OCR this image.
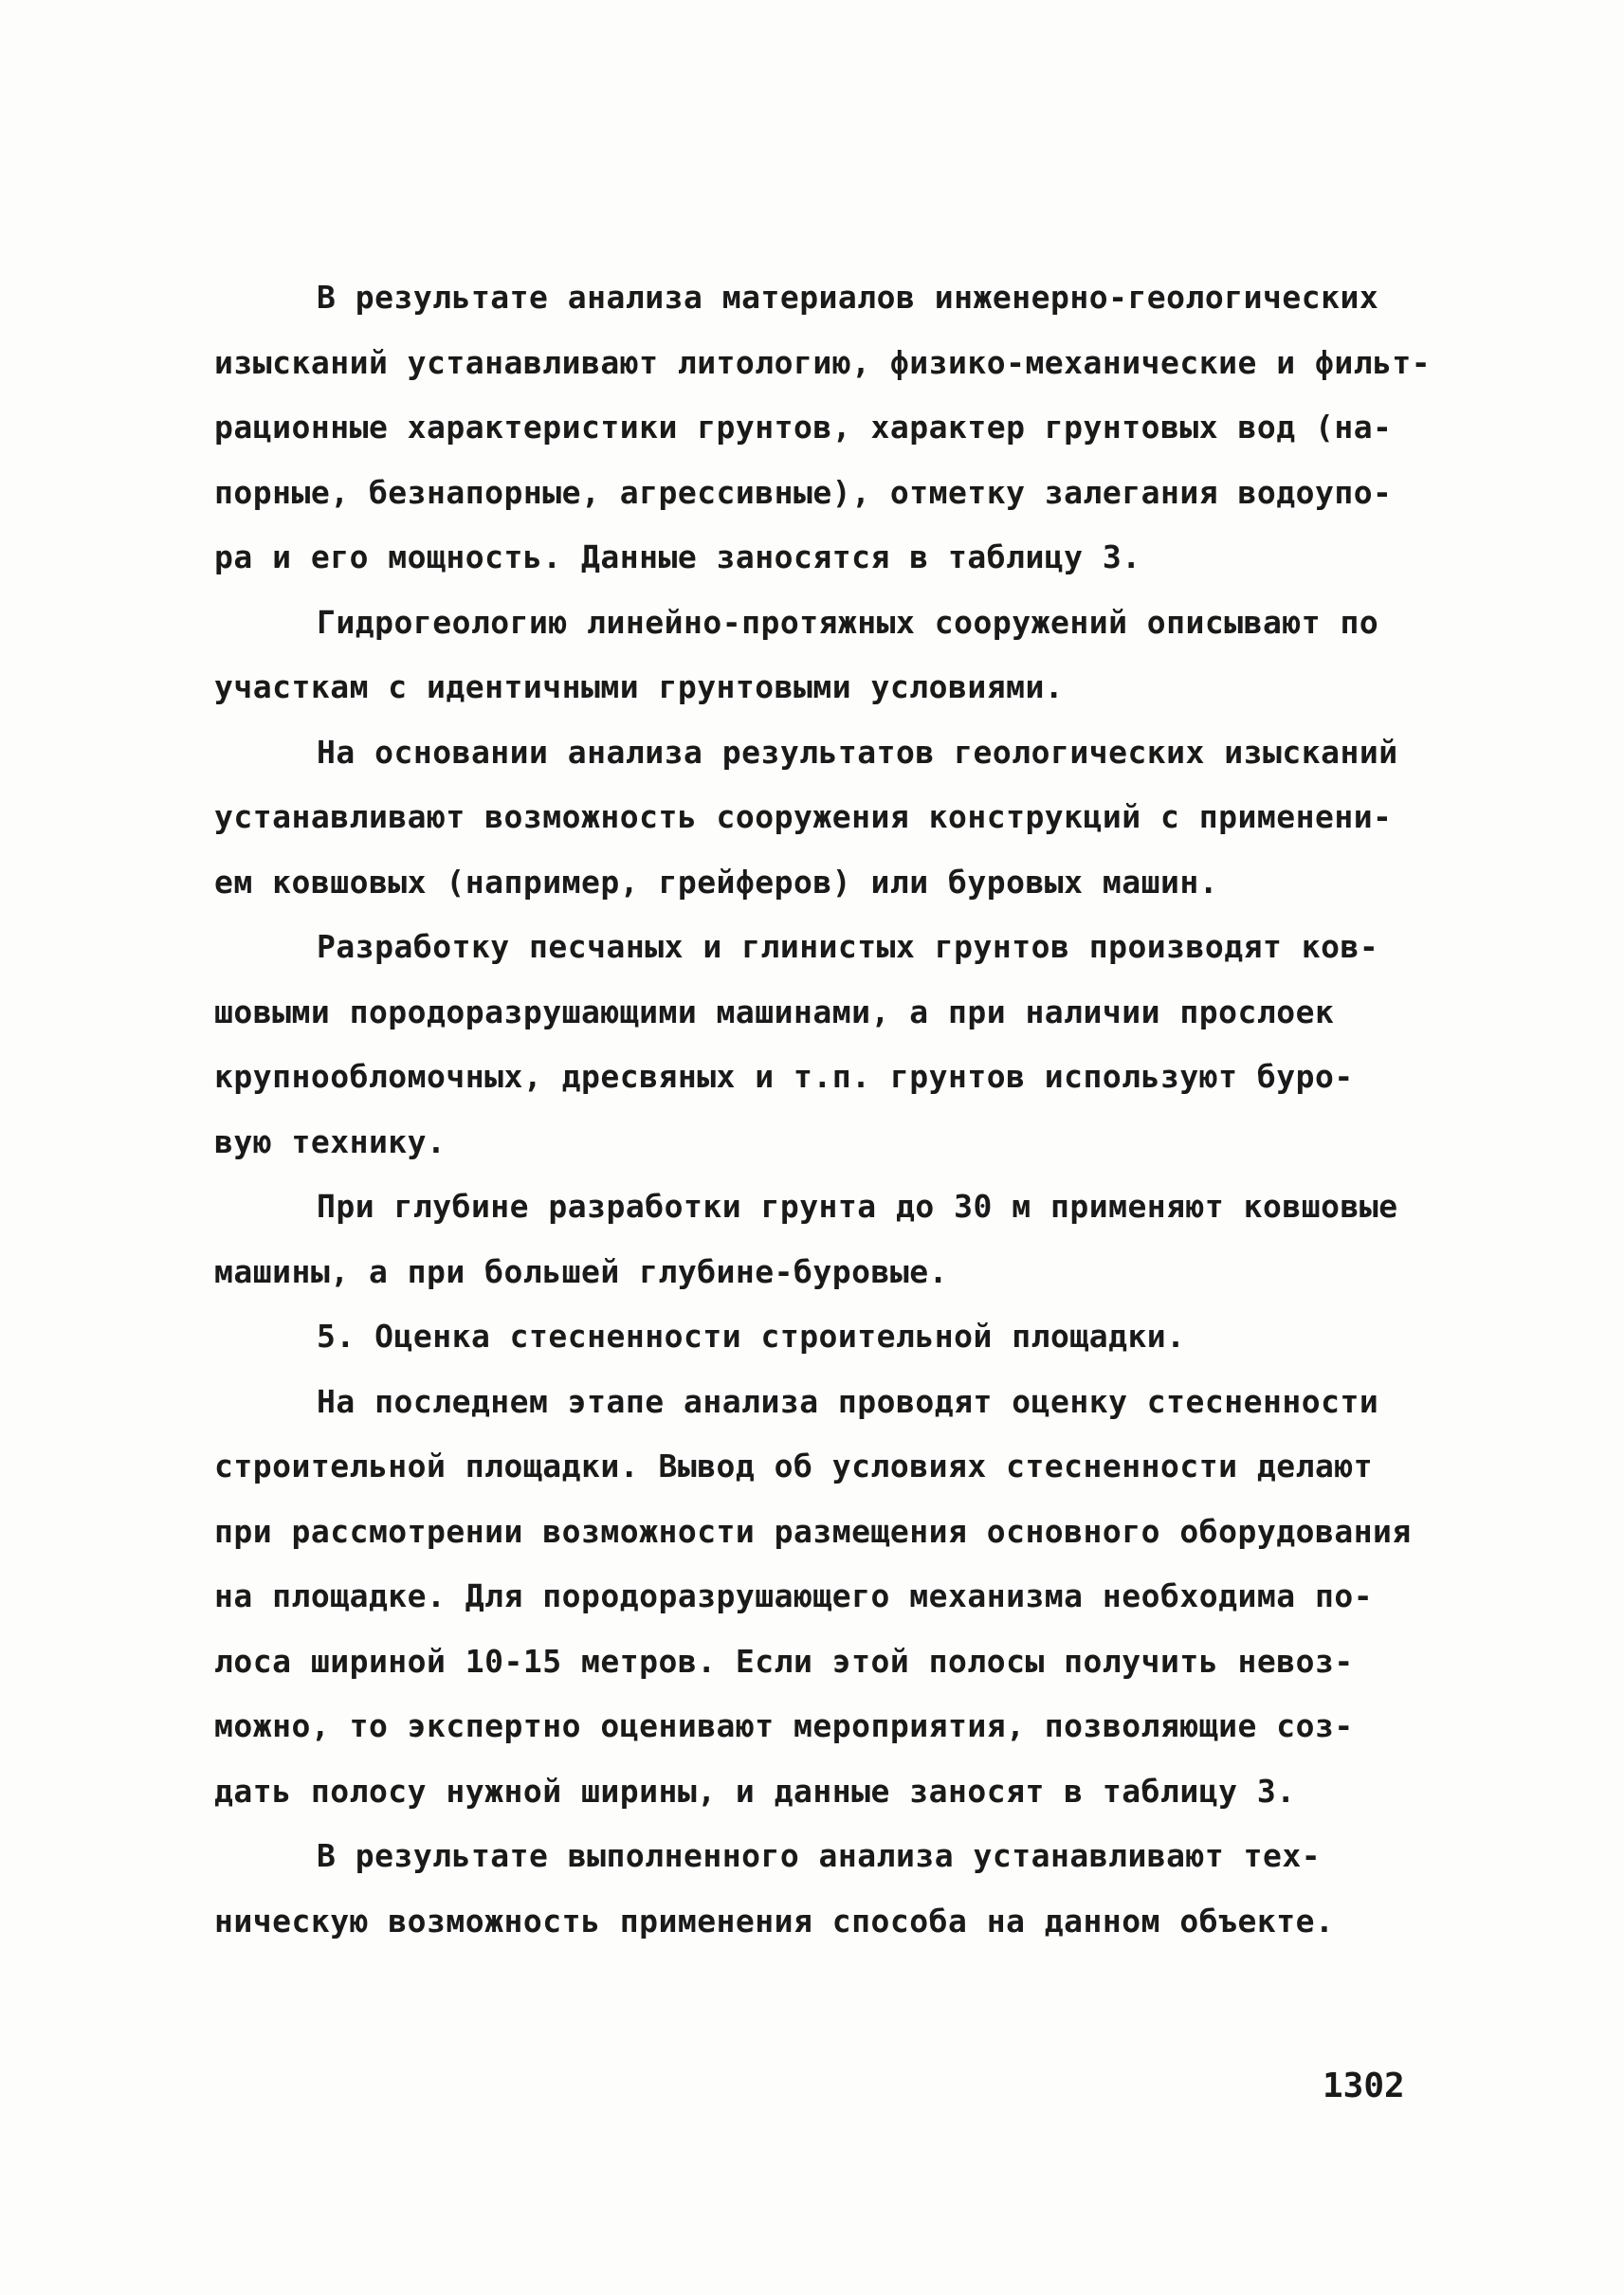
В результате анализа материалов инженерно-геологических
изысканий устанавливают литологию, физико-механические и фильт-
рационные характеристики грунтов, характер грунтовых вод (на-
порные, безнапорные, агрессивные), отметку залегания водоупо-
ра и его мощность. Данные заносятся в таблицу 3.
Гидрогеологию линейно-протяжных сооружений описывают по
участкам с идентичными грунтовыми условиями.
На основании анализа результатов геологических изысканий
устанавливают возможность сооружения конструкций с применени-
ем ковшовых (например, грейферов) или буровых машин.
Разработку песчаных и глинистых грунтов производят ков-
шовыми породоразрушающими машинами, а при наличии прослоек
крупнообломочных, дресвяных и т.п. грунтов используют буро-
вую технику.
При глубине разработки грунта до 30 м применяют ковшовые
машины, а при большей глубине-буровые.
5. Оценка стесненности строительной площадки.
На последнем этапе анализа проводят оценку стесненности
строительной площадки. Вывод об условиях стесненности делают
при рассмотрении возможности размещения основного оборудования
на площадке. Для породоразрушающего механизма необходима по-
лоса шириной 10-15 метров. Если этой полосы получить невоз-
можно, то экспертно оценивают мероприятия, позволяющие соз-
дать полосу нужной ширины, и данные заносят в таблицу 3.
В результате выполненного анализа устанавливают тех-
ническую возможность применения способа на данном объекте.
1302
